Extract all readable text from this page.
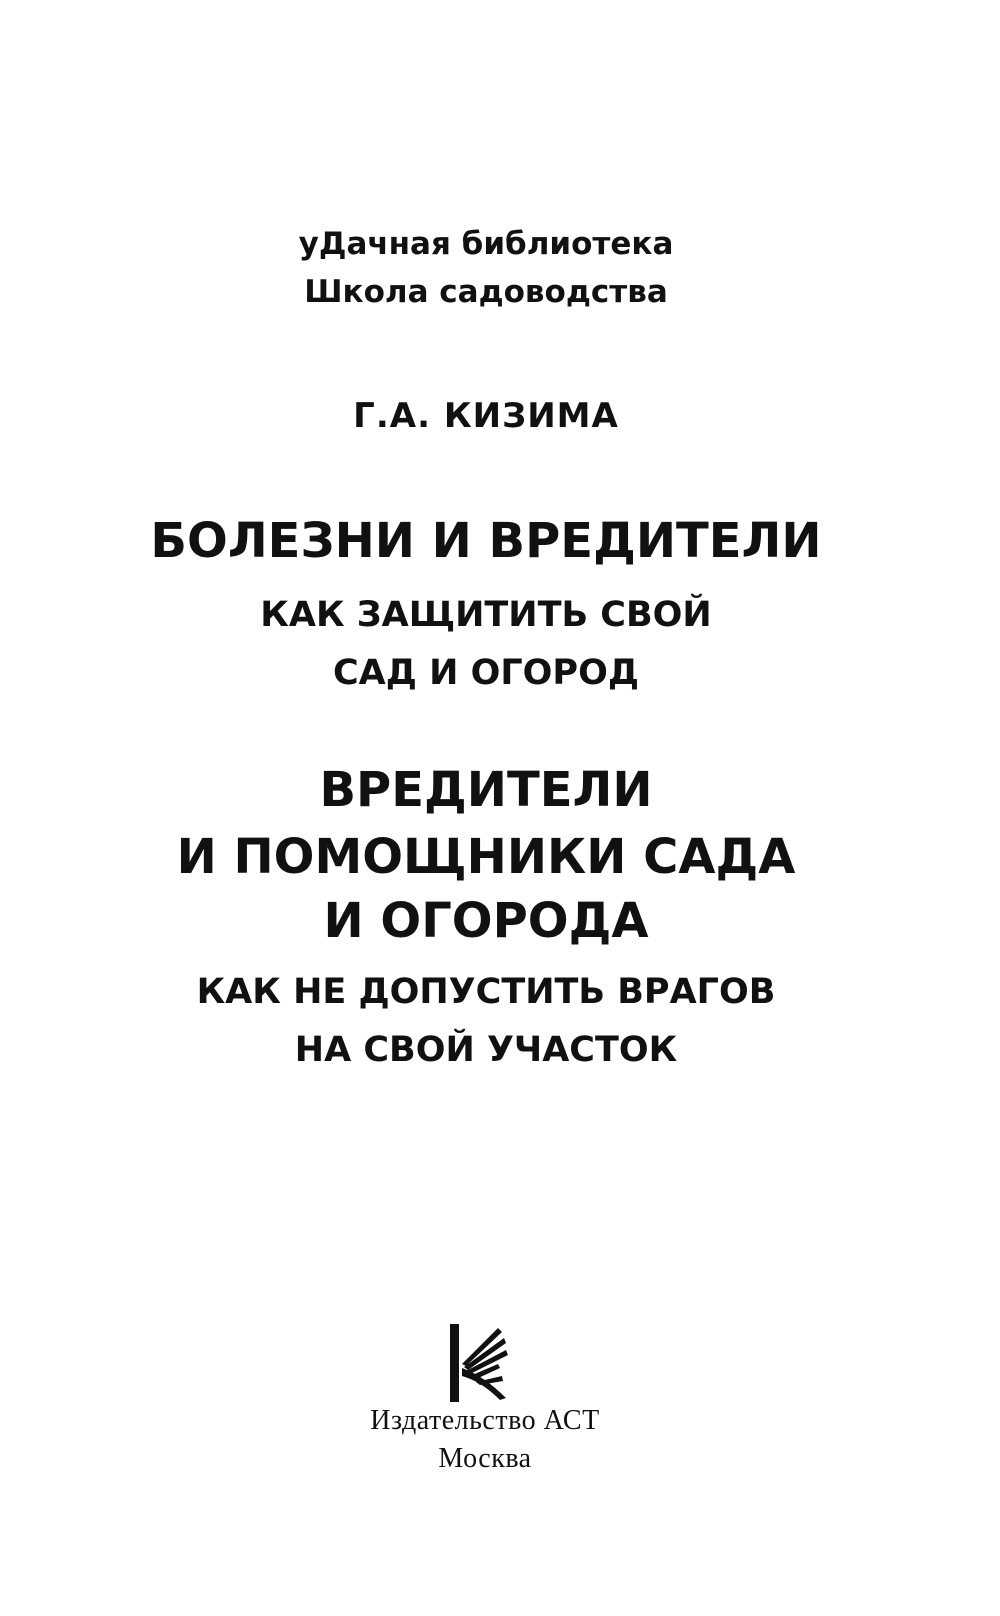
уДачная библиотека
Школа садоводства
Г.А. КИЗИМА
БОЛЕЗНИ И ВРЕДИТЕЛИ
КАК ЗАЩИТИТЬ СВОЙ
САД И ОГОРОД
ВРЕДИТЕЛИ
И ПОМОЩНИКИ САДА
И ОГОРОДА
КАК НЕ ДОПУСТИТЬ ВРАГОВ
НА СВОЙ УЧАСТОК
Издательство АСТ
Москва
